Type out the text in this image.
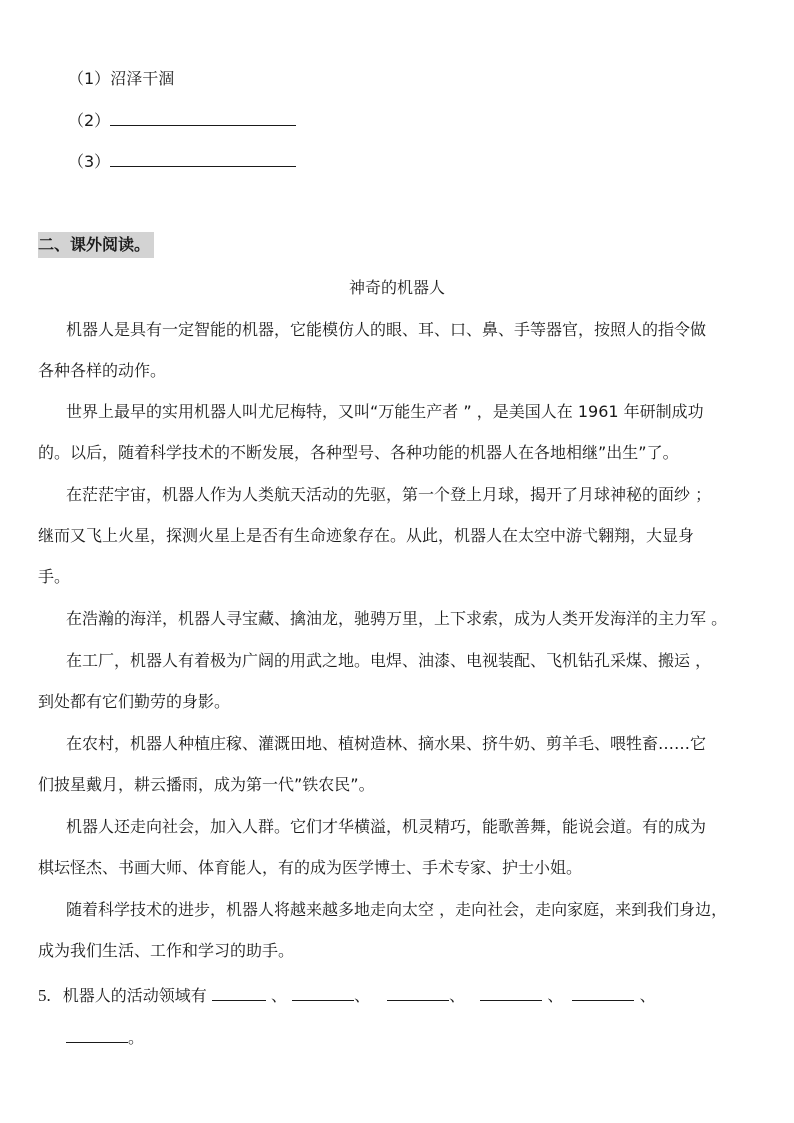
（1）沼泽干涸
（2）
（3）
二、课外阅读。
神奇的机器人
机器人是具有一定智能的机器，它能模仿人的眼、耳、口、鼻、手等器官，按照人的指令做
各种各样的动作。
世界上最早的实用机器人叫尤尼梅特，又叫“万能生产者 ” ，是美国人在 1961 年研制成功
的。以后，随着科学技术的不断发展，各种型号、各种功能的机器人在各地相继”出生”了。
在茫茫宇宙，机器人作为人类航天活动的先驱，第一个登上月球，揭开了月球神秘的面纱 ；
继而又飞上火星，探测火星上是否有生命迹象存在。从此，机器人在太空中游弋翱翔，大显身
手。
在浩瀚的海洋，机器人寻宝藏、擒油龙，驰骋万里，上下求索，成为人类开发海洋的主力军 。
在工厂，机器人有着极为广阔的用武之地。电焊、油漆、电视装配、飞机钻孔采煤、搬运 ，
到处都有它们勤劳的身影。
在农村，机器人种植庄稼、灌溉田地、植树造林、摘水果、挤牛奶、剪羊毛、喂牲畜……它
们披星戴月，耕云播雨，成为第一代”铁农民”。
机器人还走向社会，加入人群。它们才华横溢，机灵精巧，能歌善舞，能说会道。有的成为
棋坛怪杰、书画大师、体育能人，有的成为医学博士、手术专家、护士小姐。
随着科学技术的进步，机器人将越来越多地走向太空 ，走向社会，走向家庭，来到我们身边，
成为我们生活、工作和学习的助手。
5. 机器人的活动领域有	、	、	、	、	、
。
